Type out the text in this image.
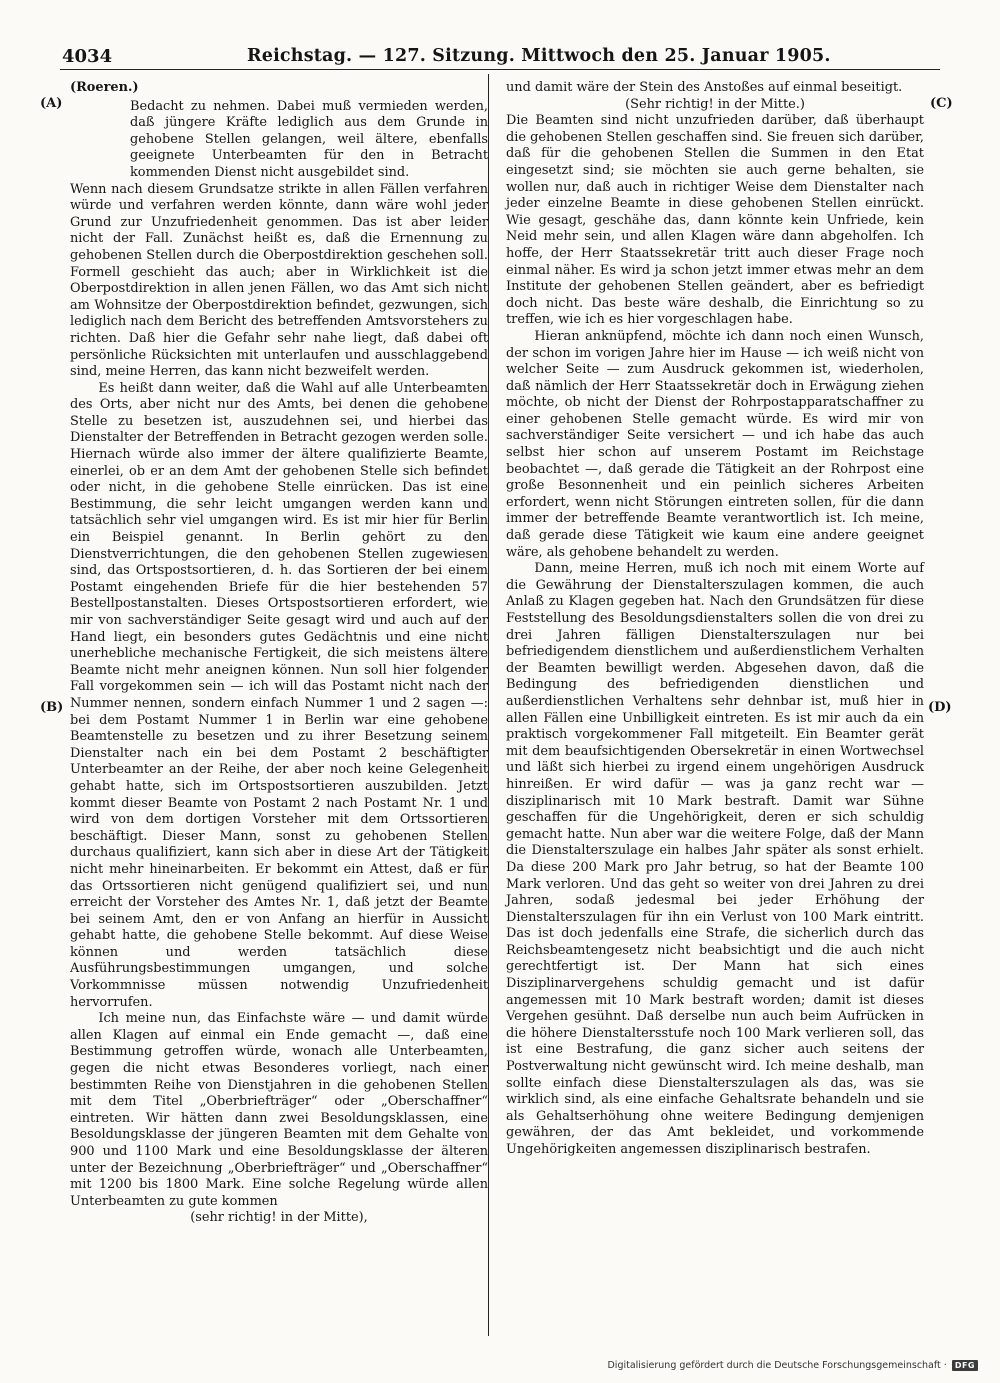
4034	Reichstag. — 127. Sitzung. Mittwoch den 25. Januar 1905.
(A)
(B)
(C)
(D)
(Roeren.)

Bedacht zu nehmen. Dabei muß vermieden werden, daß jüngere Kräfte lediglich aus dem Grunde in gehobene Stellen gelangen, weil ältere, ebenfalls geeignete Unterbeamten für den in Betracht kommenden Dienst nicht ausgebildet sind.

Wenn nach diesem Grundsatze strikte in allen Fällen verfahren würde und verfahren werden könnte, dann wäre wohl jeder Grund zur Unzufriedenheit genommen. Das ist aber leider nicht der Fall. Zunächst heißt es, daß die Ernennung zu gehobenen Stellen durch die Oberpostdirektion geschehen soll. Formell geschieht das auch; aber in Wirklichkeit ist die Oberpostdirektion in allen jenen Fällen, wo das Amt sich nicht am Wohnsitze der Oberpostdirektion befindet, gezwungen, sich lediglich nach dem Bericht des betreffenden Amtsvorstehers zu richten. Daß hier die Gefahr sehr nahe liegt, daß dabei oft persönliche Rücksichten mit unterlaufen und ausschlaggebend sind, meine Herren, das kann nicht bezweifelt werden.

Es heißt dann weiter, daß die Wahl auf alle Unterbeamten des Orts, aber nicht nur des Amts, bei denen die gehobene Stelle zu besetzen ist, auszudehnen sei, und hierbei das Dienstalter der Betreffenden in Betracht gezogen werden solle. Hiernach würde also immer der ältere qualifizierte Beamte, einerlei, ob er an dem Amt der gehobenen Stelle sich befindet oder nicht, in die gehobene Stelle einrücken. Das ist eine Bestimmung, die sehr leicht umgangen werden kann und tatsächlich sehr viel umgangen wird. Es ist mir hier für Berlin ein Beispiel genannt. In Berlin gehört zu den Dienstverrichtungen, die den gehobenen Stellen zugewiesen sind, das Ortspostsortieren, d. h. das Sortieren der bei einem Postamt eingehenden Briefe für die hier bestehenden 57 Bestellpostanstalten. Dieses Ortspostsortieren erfordert, wie mir von sachverständiger Seite gesagt wird und auch auf der Hand liegt, ein besonders gutes Gedächtnis und eine nicht unerhebliche mechanische Fertigkeit, die sich meistens ältere Beamte nicht mehr aneignen können. Nun soll hier folgender Fall vorgekommen sein — ich will das Postamt nicht nach der Nummer nennen, sondern einfach Nummer 1 und 2 sagen —: bei dem Postamt Nummer 1 in Berlin war eine gehobene Beamtenstelle zu besetzen und zu ihrer Besetzung seinem Dienstalter nach ein bei dem Postamt 2 beschäftigter Unterbeamter an der Reihe, der aber noch keine Gelegenheit gehabt hatte, sich im Ortspostsortieren auszubilden. Jetzt kommt dieser Beamte von Postamt 2 nach Postamt Nr. 1 und wird von dem dortigen Vorsteher mit dem Ortssortieren beschäftigt. Dieser Mann, sonst zu gehobenen Stellen durchaus qualifiziert, kann sich aber in diese Art der Tätigkeit nicht mehr hineinarbeiten. Er bekommt ein Attest, daß er für das Ortssortieren nicht genügend qualifiziert sei, und nun erreicht der Vorsteher des Amtes Nr. 1, daß jetzt der Beamte bei seinem Amt, den er von Anfang an hierfür in Aussicht gehabt hatte, die gehobene Stelle bekommt. Auf diese Weise können und werden tatsächlich diese Ausführungsbestimmungen umgangen, und solche Vorkommnisse müssen notwendig Unzufriedenheit hervorrufen.

Ich meine nun, das Einfachste wäre — und damit würde allen Klagen auf einmal ein Ende gemacht —, daß eine Bestimmung getroffen würde, wonach alle Unterbeamten, gegen die nicht etwas Besonderes vorliegt, nach einer bestimmten Reihe von Dienstjahren in die gehobenen Stellen mit dem Titel „Oberbriefträger“ oder „Oberschaffner“ eintreten. Wir hätten dann zwei Besoldungsklassen, eine Besoldungsklasse der jüngeren Beamten mit dem Gehalte von 900 und 1100 Mark und eine Besoldungsklasse der älteren unter der Bezeichnung „Oberbriefträger“ und „Oberschaffner“ mit 1200 bis 1800 Mark. Eine solche Regelung würde allen Unterbeamten zu gute kommen

(sehr richtig! in der Mitte),

und damit wäre der Stein des Anstoßes auf einmal beseitigt.

(Sehr richtig! in der Mitte.)

Die Beamten sind nicht unzufrieden darüber, daß überhaupt die gehobenen Stellen geschaffen sind. Sie freuen sich darüber, daß für die gehobenen Stellen die Summen in den Etat eingesetzt sind; sie möchten sie auch gerne behalten, sie wollen nur, daß auch in richtiger Weise dem Dienstalter nach jeder einzelne Beamte in diese gehobenen Stellen einrückt. Wie gesagt, geschähe das, dann könnte kein Unfriede, kein Neid mehr sein, und allen Klagen wäre dann abgeholfen. Ich hoffe, der Herr Staatssekretär tritt auch dieser Frage noch einmal näher. Es wird ja schon jetzt immer etwas mehr an dem Institute der gehobenen Stellen geändert, aber es befriedigt doch nicht. Das beste wäre deshalb, die Einrichtung so zu treffen, wie ich es hier vorgeschlagen habe.

Hieran anknüpfend, möchte ich dann noch einen Wunsch, der schon im vorigen Jahre hier im Hause — ich weiß nicht von welcher Seite — zum Ausdruck gekommen ist, wiederholen, daß nämlich der Herr Staatssekretär doch in Erwägung ziehen möchte, ob nicht der Dienst der Rohrpostapparatschaffner zu einer gehobenen Stelle gemacht würde. Es wird mir von sachverständiger Seite versichert — und ich habe das auch selbst hier schon auf unserem Postamt im Reichstage beobachtet —, daß gerade die Tätigkeit an der Rohrpost eine große Besonnenheit und ein peinlich sicheres Arbeiten erfordert, wenn nicht Störungen eintreten sollen, für die dann immer der betreffende Beamte verantwortlich ist. Ich meine, daß gerade diese Tätigkeit wie kaum eine andere geeignet wäre, als gehobene behandelt zu werden.

Dann, meine Herren, muß ich noch mit einem Worte auf die Gewährung der Dienstalterszulagen kommen, die auch Anlaß zu Klagen gegeben hat. Nach den Grundsätzen für diese Feststellung des Besoldungsdienstalters sollen die von drei zu drei Jahren fälligen Dienstalterszulagen nur bei befriedigendem dienstlichem und außerdienstlichem Verhalten der Beamten bewilligt werden. Abgesehen davon, daß die Bedingung des befriedigenden dienstlichen und außerdienstlichen Verhaltens sehr dehnbar ist, muß hier in allen Fällen eine Unbilligkeit eintreten. Es ist mir auch da ein praktisch vorgekommener Fall mitgeteilt. Ein Beamter gerät mit dem beaufsichtigenden Obersekretär in einen Wortwechsel und läßt sich hierbei zu irgend einem ungehörigen Ausdruck hinreißen. Er wird dafür — was ja ganz recht war — disziplinarisch mit 10 Mark bestraft. Damit war Sühne geschaffen für die Ungehörigkeit, deren er sich schuldig gemacht hatte. Nun aber war die weitere Folge, daß der Mann die Dienstalterszulage ein halbes Jahr später als sonst erhielt. Da diese 200 Mark pro Jahr betrug, so hat der Beamte 100 Mark verloren. Und das geht so weiter von drei Jahren zu drei Jahren, sodaß jedesmal bei jeder Erhöhung der Dienstalterszulagen für ihn ein Verlust von 100 Mark eintritt. Das ist doch jedenfalls eine Strafe, die sicherlich durch das Reichsbeamtengesetz nicht beabsichtigt und die auch nicht gerechtfertigt ist. Der Mann hat sich eines Disziplinarvergehens schuldig gemacht und ist dafür angemessen mit 10 Mark bestraft worden; damit ist dieses Vergehen gesühnt. Daß derselbe nun auch beim Aufrücken in die höhere Dienstaltersstufe noch 100 Mark verlieren soll, das ist eine Bestrafung, die ganz sicher auch seitens der Postverwaltung nicht gewünscht wird. Ich meine deshalb, man sollte einfach diese Dienstalterszulagen als das, was sie wirklich sind, als eine einfache Gehaltsrate behandeln und sie als Gehaltserhöhung ohne weitere Bedingung demjenigen gewähren, der das Amt bekleidet, und vorkommende Ungehörigkeiten angemessen disziplinarisch bestrafen.

Digitalisierung gefördert durch die Deutsche Forschungsgemeinschaft ·	DFG
